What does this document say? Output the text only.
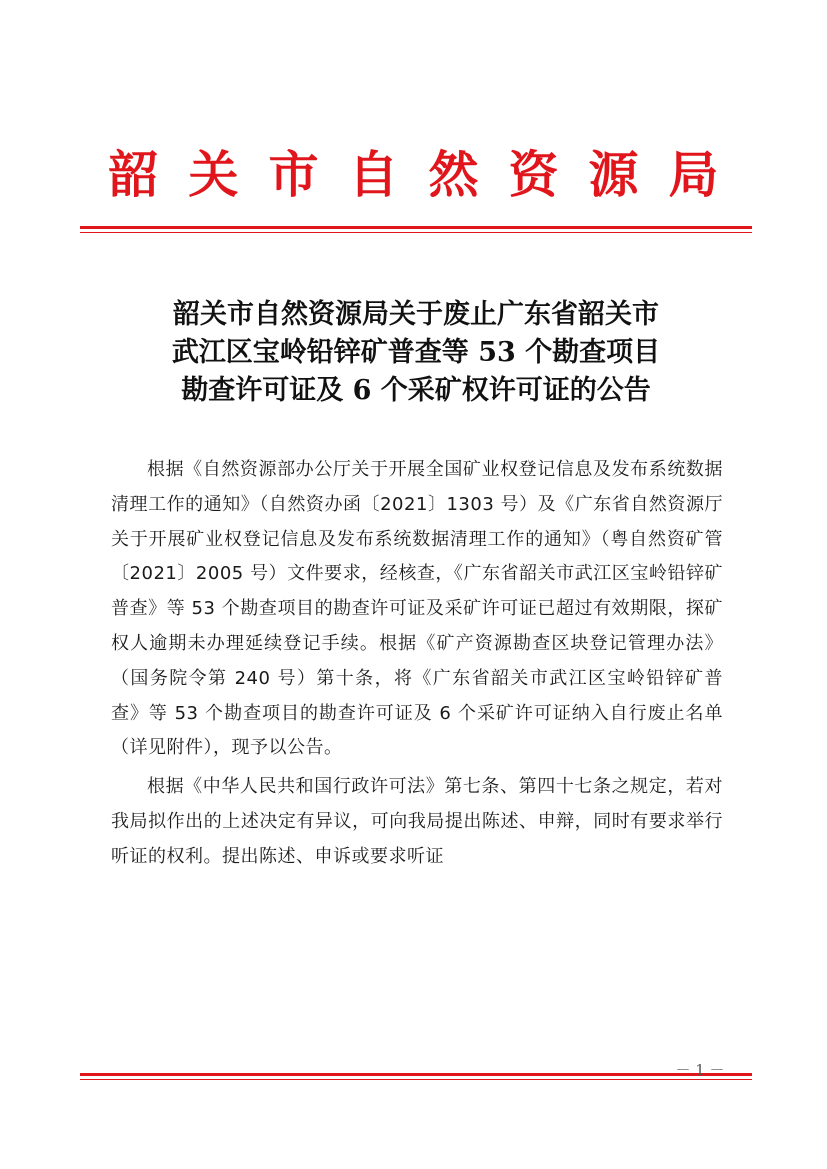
韶关市自然资源局
韶关市自然资源局关于废止广东省韶关市
武江区宝岭铅锌矿普查等 53 个勘查项目
勘查许可证及 6 个采矿权许可证的公告

根据《自然资源部办公厅关于开展全国矿业权登记信息及发布系统数据清理工作的通知》（自然资办函〔2021〕1303 号）及《广东省自然资源厅关于开展矿业权登记信息及发布系统数据清理工作的通知》（粤自然资矿管〔2021〕2005 号）文件要求，经核查，《广东省韶关市武江区宝岭铅锌矿普查》等 53 个勘查项目的勘查许可证及采矿许可证已超过有效期限，探矿权人逾期未办理延续登记手续。根据《矿产资源勘查区块登记管理办法》（国务院令第 240 号）第十条，将《广东省韶关市武江区宝岭铅锌矿普查》等 53 个勘查项目的勘查许可证及 6 个采矿许可证纳入自行废止名单（详见附件），现予以公告。

根据《中华人民共和国行政许可法》第七条、第四十七条之规定，若对我局拟作出的上述决定有异议，可向我局提出陈述、申辩，同时有要求举行听证的权利。提出陈述、申诉或要求听证

－ 1 －
